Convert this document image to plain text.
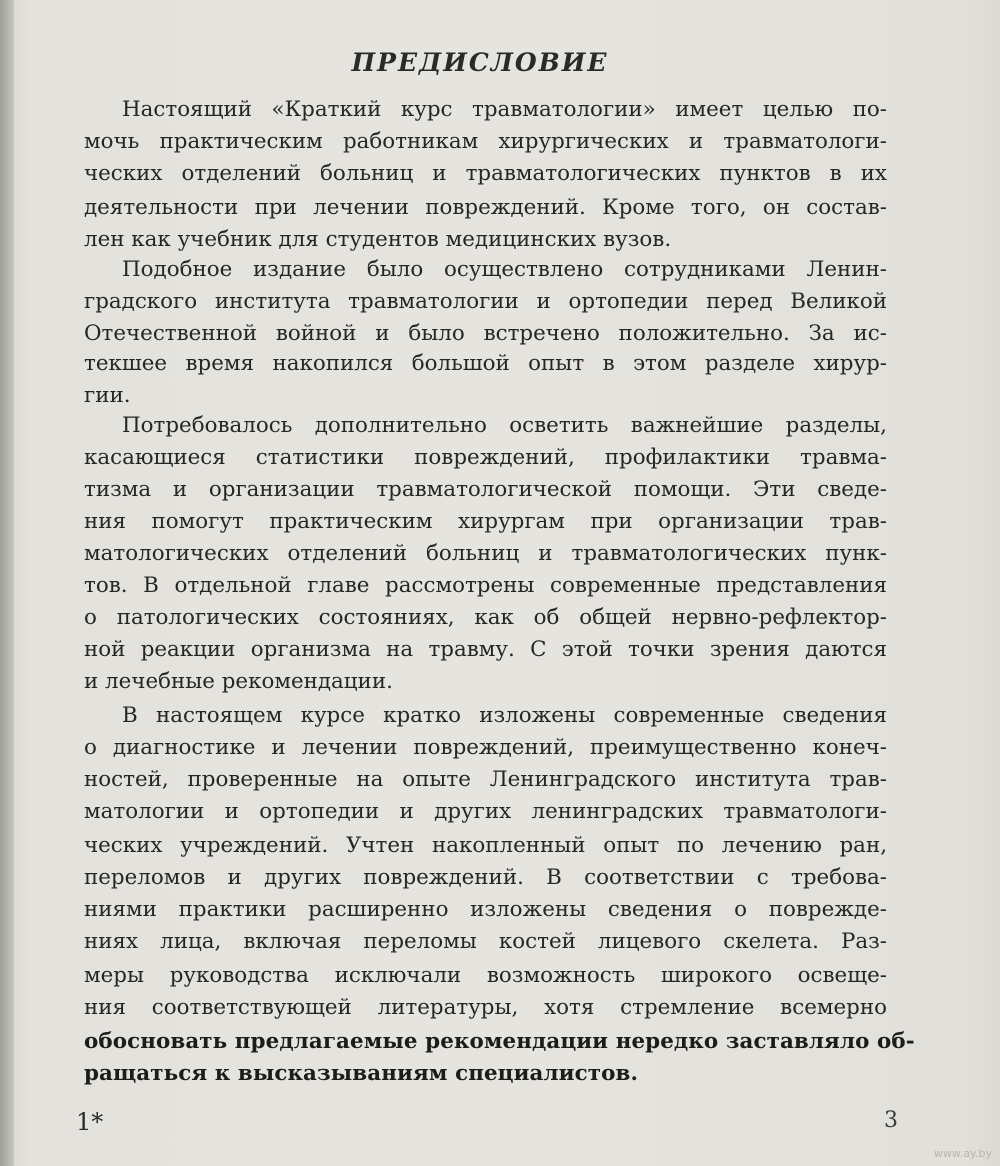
ПРЕДИСЛОВИЕ
Настоящий «Краткий курс травматологии» имеет целью по-
мочь практическим работникам хирургических и травматологи-
ческих отделений больниц и травматологических пунктов в их
деятельности при лечении повреждений. Кроме того, он состав-
лен как учебник для студентов медицинских вузов.
Подобное издание было осуществлено сотрудниками Ленин-
градского института травматологии и ортопедии перед Великой
Отечественной войной и было встречено положительно. За ис-
текшее время накопился большой опыт в этом разделе хирур-
гии.
Потребовалось дополнительно осветить важнейшие разделы,
касающиеся статистики повреждений, профилактики травма-
тизма и организации травматологической помощи. Эти сведе-
ния помогут практическим хирургам при организации трав-
матологических отделений больниц и травматологических пунк-
тов. В отдельной главе рассмотрены современные представления
о патологических состояниях, как об общей нервно-рефлектор-
ной реакции организма на травму. С этой точки зрения даются
и лечебные рекомендации.
В настоящем курсе кратко изложены современные сведения
о диагностике и лечении повреждений, преимущественно конеч-
ностей, проверенные на опыте Ленинградского института трав-
матологии и ортопедии и других ленинградских травматологи-
ческих учреждений. Учтен накопленный опыт по лечению ран,
переломов и других повреждений. В соответствии с требова-
ниями практики расширенно изложены сведения о поврежде-
ниях лица, включая переломы костей лицевого скелета. Раз-
меры руководства исключали возможность широкого освеще-
ния соответствующей литературы, хотя стремление всемерно
обосновать предлагаемые рекомендации нередко заставляло об-
ращаться к высказываниям специалистов.
1*	3
www.ay.by
